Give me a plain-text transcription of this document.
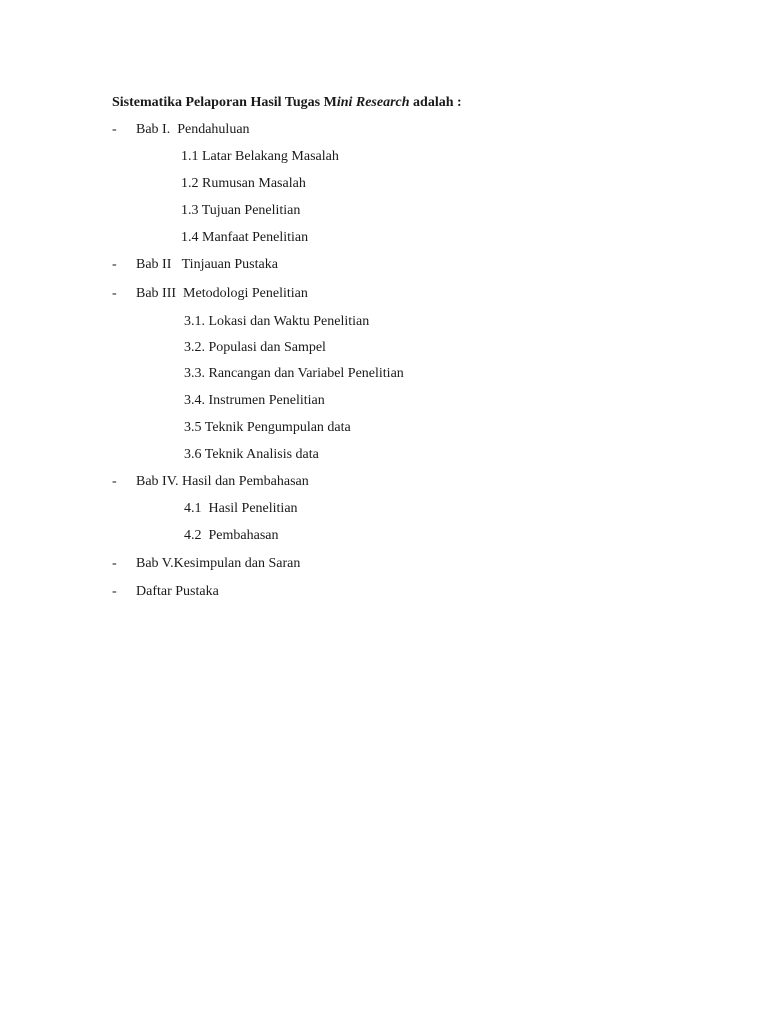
Sistematika Pelaporan Hasil Tugas Mini Research adalah :
- Bab I.  Pendahuluan
1.1 Latar Belakang Masalah
1.2 Rumusan Masalah
1.3 Tujuan Penelitian
1.4 Manfaat Penelitian
- Bab II   Tinjauan Pustaka
- Bab III  Metodologi Penelitian
3.1. Lokasi dan Waktu Penelitian
3.2. Populasi dan Sampel
3.3. Rancangan dan Variabel Penelitian
3.4. Instrumen Penelitian
3.5 Teknik Pengumpulan data
3.6 Teknik Analisis data
- Bab IV. Hasil dan Pembahasan
4.1  Hasil Penelitian
4.2  Pembahasan
- Bab V.Kesimpulan dan Saran
- Daftar Pustaka
